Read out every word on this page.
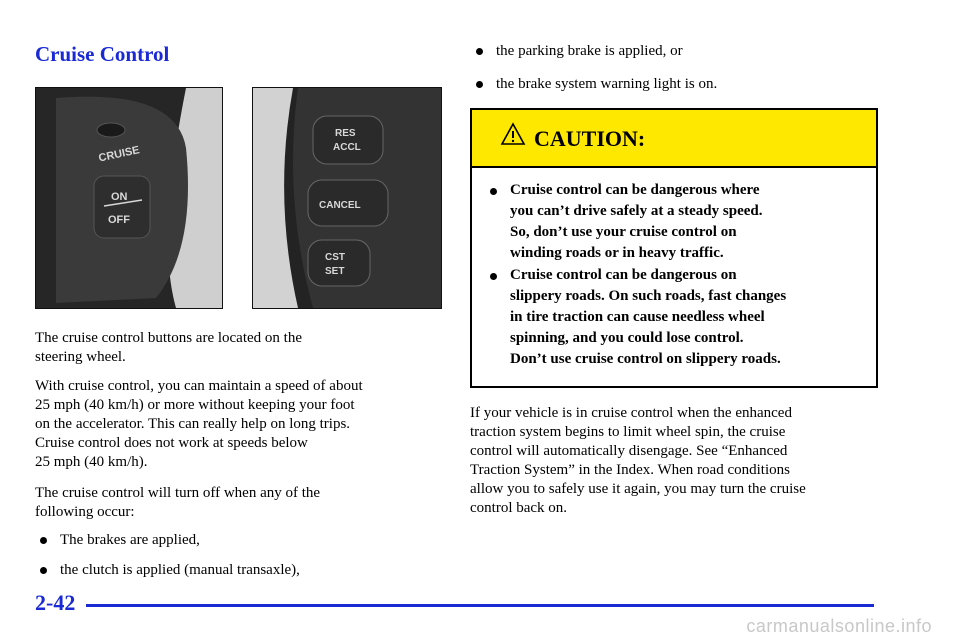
Cruise Control
CRUISE
ON
OFF
RES
ACCL
CANCEL
CST
SET
The cruise control buttons are located on the
steering wheel.
With cruise control, you can maintain a speed of about
25 mph (40 km/h) or more without keeping your foot
on the accelerator. This can really help on long trips.
Cruise control does not work at speeds below
25 mph (40 km/h).
The cruise control will turn off when any of the
following occur:
The brakes are applied,
the clutch is applied (manual transaxle),
the parking brake is applied, or
the brake system warning light is on.
CAUTION:
Cruise control can be dangerous where
you can’t drive safely at a steady speed.
So, don’t use your cruise control on
winding roads or in heavy traffic.
Cruise control can be dangerous on
slippery roads. On such roads, fast changes
in tire traction can cause needless wheel
spinning, and you could lose control.
Don’t use cruise control on slippery roads.
If your vehicle is in cruise control when the enhanced
traction system begins to limit wheel spin, the cruise
control will automatically disengage. See “Enhanced
Traction System” in the Index. When road conditions
allow you to safely use it again, you may turn the cruise
control back on.
2-42
carmanualsonline.info
